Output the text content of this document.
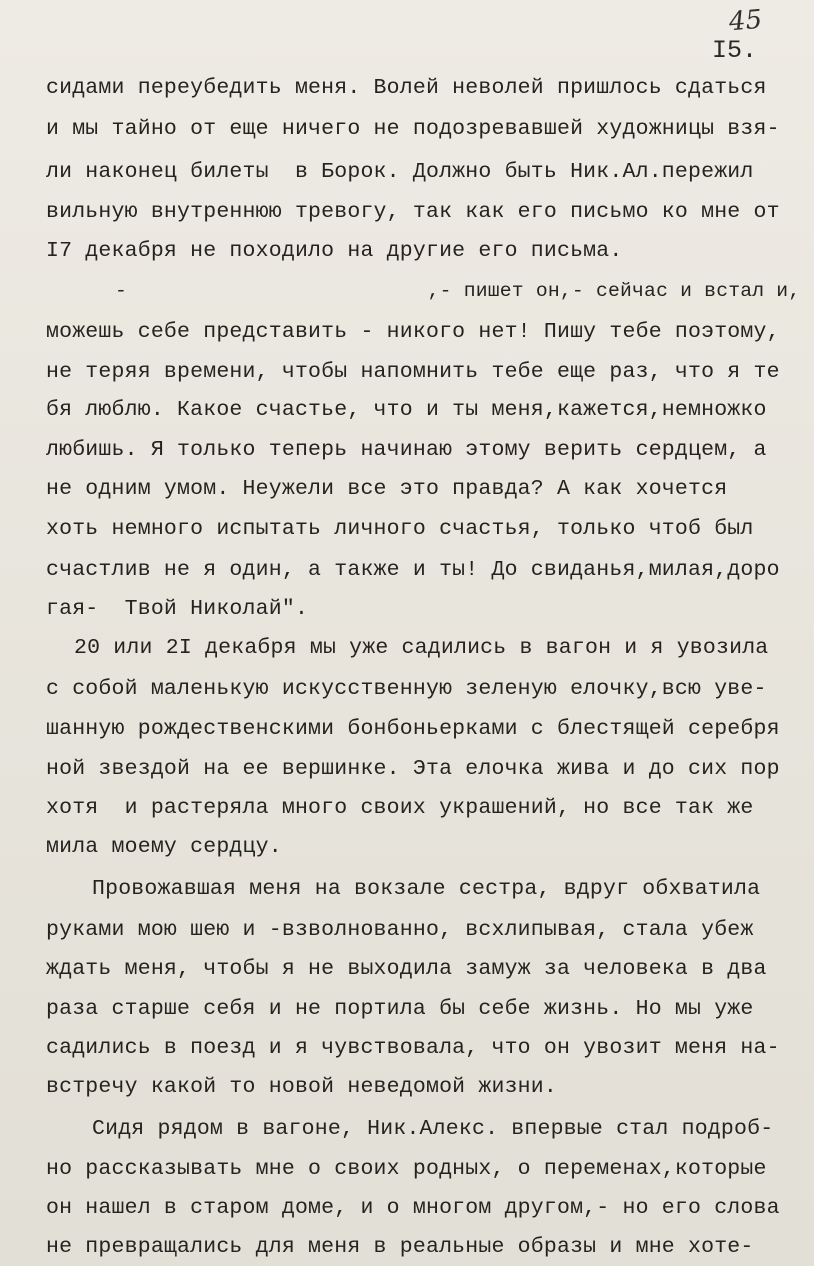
45
I5.
сидами переубедить меня. Волей неволей пришлось сдаться
и мы тайно от еще ничего не подозревавшей художницы взя-
ли наконец билеты  в Борок. Должно быть Ник.Ал.пережил
вильную внутреннюю тревогу, так как его письмо ко мне от
I7 декабря не походило на другие его письма.
-                         ,- пишет он,- сейчас и встал и,
можешь себе представить - никого нет! Пишу тебе поэтому,
не теряя времени, чтобы напомнить тебе еще раз, что я те
бя люблю. Какое счастье, что и ты меня,кажется,немножко
любишь. Я только теперь начинаю этому верить сердцем, а
не одним умом. Неужели все это правда? А как хочется
хоть немного испытать личного счастья, только чтоб был
счастлив не я один, а также и ты! До свиданья,милая,доро
гая-  Твой Николай".
20 или 2I декабря мы уже садились в вагон и я увозила
с собой маленькую искусственную зеленую елочку,всю уве-
шанную рождественскими бонбоньерками с блестящей серебря
ной звездой на ее вершинке. Эта елочка жива и до сих пор
хотя  и растеряла много своих украшений, но все так же
мила моему сердцу.
Провожавшая меня на вокзале сестра, вдруг обхватила
руками мою шею и -взволнованно, всхлипывая, стала убеж
ждать меня, чтобы я не выходила замуж за человека в два
раза старше себя и не портила бы себе жизнь. Но мы уже
садились в поезд и я чувствовала, что он увозит меня на-
встречу какой то новой неведомой жизни.
Сидя рядом в вагоне, Ник.Алекс. впервые стал подроб-
но рассказывать мне о своих родных, о переменах,которые
он нашел в старом доме, и о многом другом,- но его слова
не превращались для меня в реальные образы и мне хоте-
